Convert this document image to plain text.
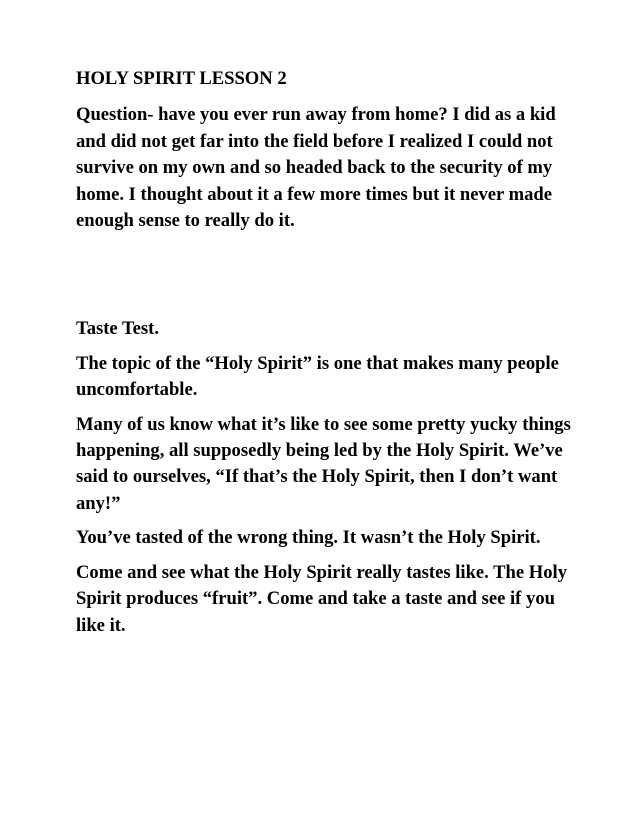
HOLY SPIRIT LESSON 2

Question- have you ever run away from home? I did as a kid and did not get far into the field before I realized I could not survive on my own and so headed back to the security of my home. I thought about it a few more times but it never made enough sense to really do it.

Taste Test.

The topic of the “Holy Spirit” is one that makes many people uncomfortable.

Many of us know what it’s like to see some pretty yucky things happening, all supposedly being led by the Holy Spirit. We’ve said to ourselves, “If that’s the Holy Spirit, then I don’t want any!”

You’ve tasted of the wrong thing. It wasn’t the Holy Spirit.

Come and see what the Holy Spirit really tastes like. The Holy Spirit produces “fruit”. Come and take a taste and see if you like it.
